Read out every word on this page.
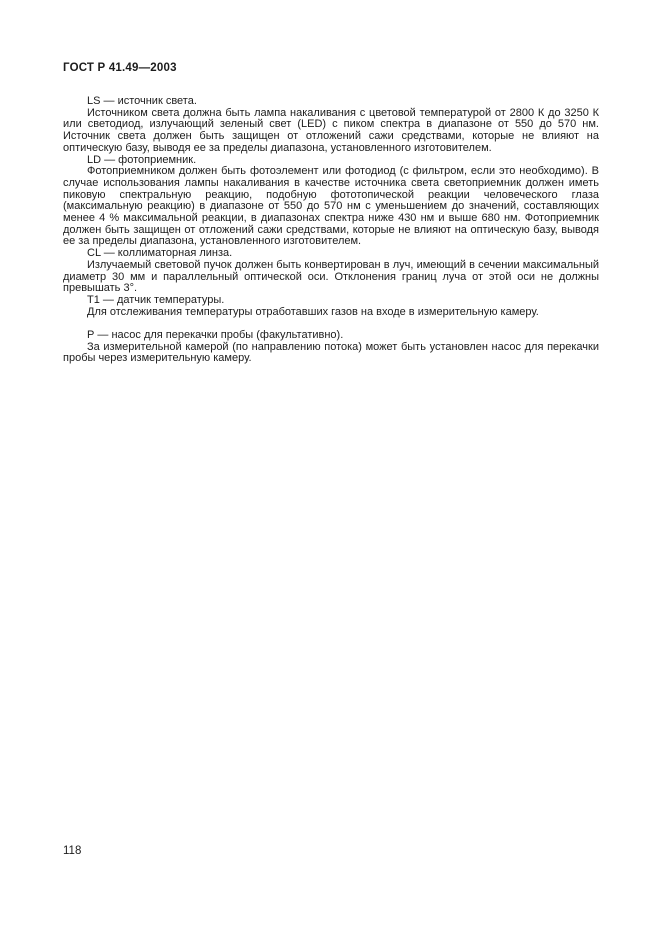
ГОСТ Р 41.49—2003

LS — источник света.

Источником света должна быть лампа накаливания с цветовой температурой от 2800 К до 3250 К или светодиод, излучающий зеленый свет (LED) с пиком спектра в диапазоне от 550 до 570 нм. Источник света должен быть защищен от отложений сажи средствами, которые не влияют на оптическую базу, выводя ее за пределы диапазона, установленного изготовителем.

LD — фотоприемник.

Фотоприемником должен быть фотоэлемент или фотодиод (с фильтром, если это необходимо). В случае использования лампы накаливания в качестве источника света светоприемник должен иметь пиковую спектральную реакцию, подобную фототопической реакции человеческого глаза (максимальную реакцию) в диапазоне от 550 до 570 нм с уменьшением до значений, составляющих менее 4 % максимальной реакции, в диапазонах спектра ниже 430 нм и выше 680 нм. Фотоприемник должен быть защищен от отложений сажи средствами, которые не влияют на оптическую базу, выводя ее за пределы диапазона, установленного изготовителем.

CL — коллиматорная линза.

Излучаемый световой пучок должен быть конвертирован в луч, имеющий в сечении максимальный диаметр 30 мм и параллельный оптической оси. Отклонения границ луча от этой оси не должны превышать 3°.

Т1 — датчик температуры.

Для отслеживания температуры отработавших газов на входе в измерительную камеру.

Р — насос для перекачки пробы (факультативно).

За измерительной камерой (по направлению потока) может быть установлен насос для перекачки пробы через измерительную камеру.

118
